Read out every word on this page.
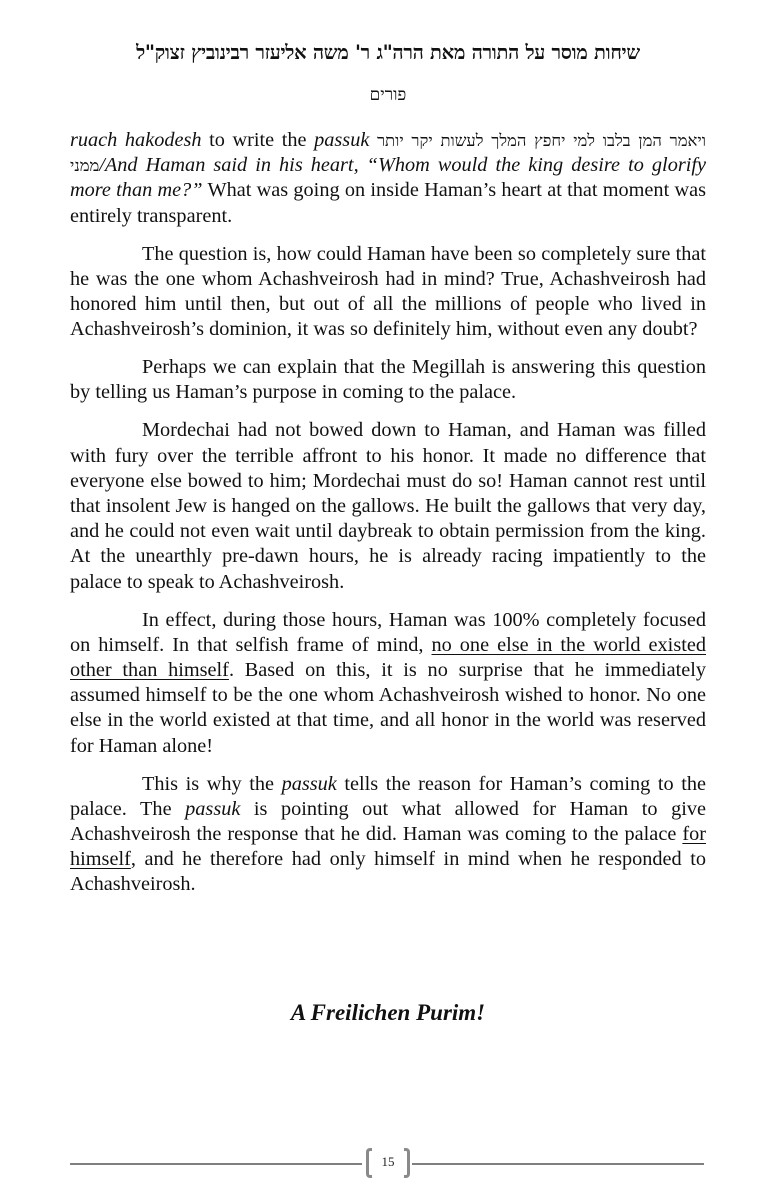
שיחות מוסר על התורה מאת הרה"ג ר' משה אליעזר רבינוביץ זצוק"ל
פורים

ruach hakodesh to write the passuk ויאמר המן בלבו למי יחפץ המלך לעשות יקר יותר ממני/And Haman said in his heart, “Whom would the king desire to glorify more than me?” What was going on inside Haman’s heart at that moment was entirely transparent.

The question is, how could Haman have been so completely sure that he was the one whom Achashveirosh had in mind? True, Achashveirosh had honored him until then, but out of all the millions of people who lived in Achashveirosh’s dominion, it was so definitely him, without even any doubt?

Perhaps we can explain that the Megillah is answering this question by telling us Haman’s purpose in coming to the palace.

Mordechai had not bowed down to Haman, and Haman was filled with fury over the terrible affront to his honor. It made no difference that everyone else bowed to him; Mordechai must do so! Haman cannot rest until that insolent Jew is hanged on the gallows. He built the gallows that very day, and he could not even wait until daybreak to obtain permission from the king. At the unearthly pre-dawn hours, he is already racing impatiently to the palace to speak to Achashveirosh.

In effect, during those hours, Haman was 100% completely focused on himself. In that selfish frame of mind, no one else in the world existed other than himself. Based on this, it is no surprise that he immediately assumed himself to be the one whom Achashveirosh wished to honor. No one else in the world existed at that time, and all honor in the world was reserved for Haman alone!

This is why the passuk tells the reason for Haman’s coming to the palace. The passuk is pointing out what allowed for Haman to give Achashveirosh the response that he did. Haman was coming to the palace for himself, and he therefore had only himself in mind when he responded to Achashveirosh.

A Freilichen Purim!
15
